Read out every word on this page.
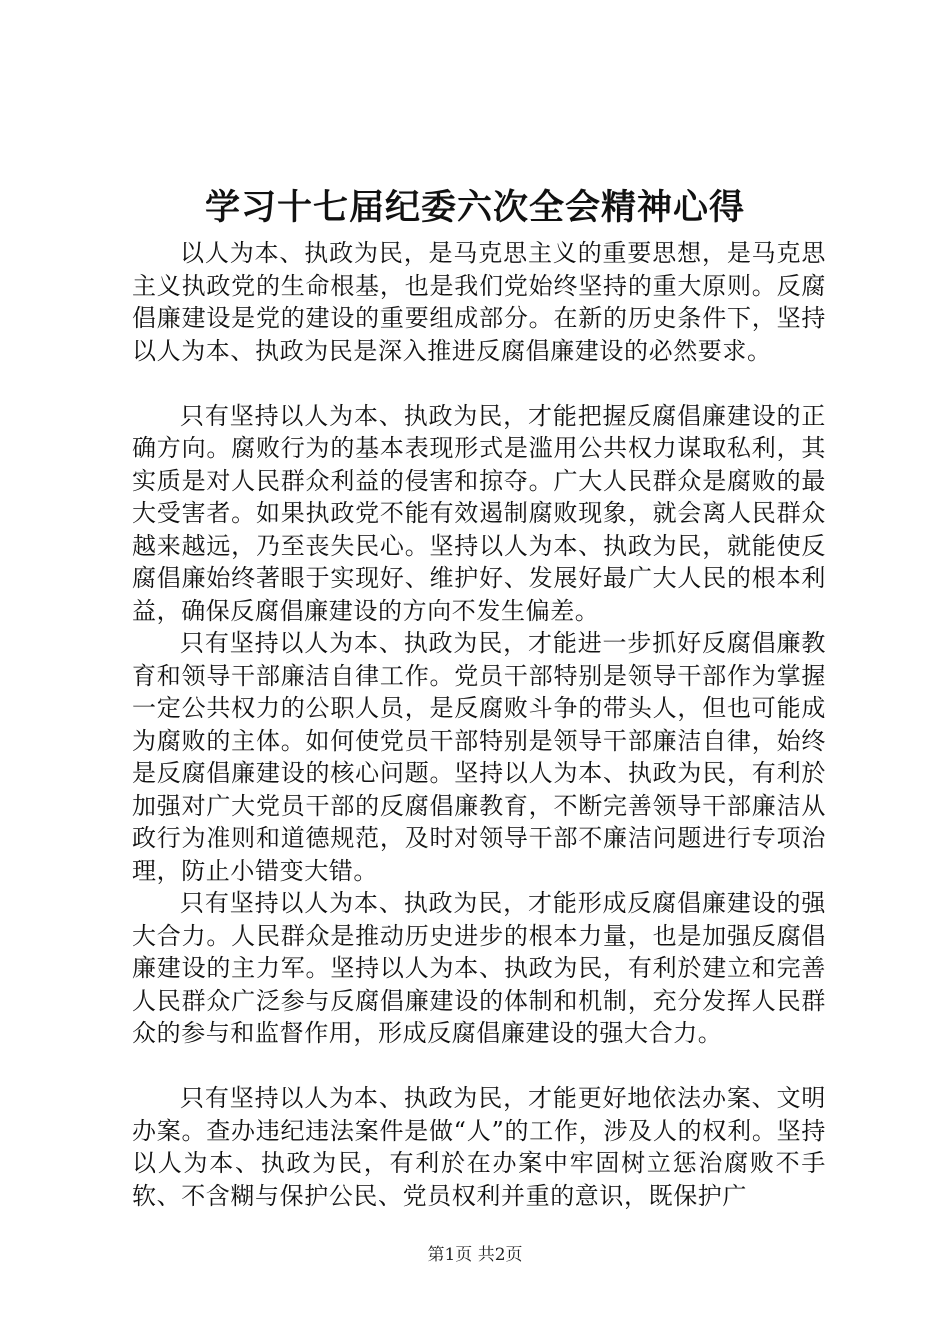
学习十七届纪委六次全会精神心得

以人为本、执政为民，是马克思主义的重要思想，是马克思主义执政党的生命根基，也是我们党始终坚持的重大原则。反腐倡廉建设是党的建设的重要组成部分。在新的历史条件下，坚持以人为本、执政为民是深入推进反腐倡廉建设的必然要求。

只有坚持以人为本、执政为民，才能把握反腐倡廉建设的正确方向。腐败行为的基本表现形式是滥用公共权力谋取私利，其实质是对人民群众利益的侵害和掠夺。广大人民群众是腐败的最大受害者。如果执政党不能有效遏制腐败现象，就会离人民群众越来越远，乃至丧失民心。坚持以人为本、执政为民，就能使反腐倡廉始终著眼于实现好、维护好、发展好最广大人民的根本利益，确保反腐倡廉建设的方向不发生偏差。

只有坚持以人为本、执政为民，才能进一步抓好反腐倡廉教育和领导干部廉洁自律工作。党员干部特别是领导干部作为掌握一定公共权力的公职人员，是反腐败斗争的带头人，但也可能成为腐败的主体。如何使党员干部特别是领导干部廉洁自律，始终是反腐倡廉建设的核心问题。坚持以人为本、执政为民，有利於加强对广大党员干部的反腐倡廉教育，不断完善领导干部廉洁从政行为准则和道德规范，及时对领导干部不廉洁问题进行专项治理，防止小错变大错。

只有坚持以人为本、执政为民，才能形成反腐倡廉建设的强大合力。人民群众是推动历史进步的根本力量，也是加强反腐倡廉建设的主力军。坚持以人为本、执政为民，有利於建立和完善人民群众广泛参与反腐倡廉建设的体制和机制，充分发挥人民群众的参与和监督作用，形成反腐倡廉建设的强大合力。

只有坚持以人为本、执政为民，才能更好地依法办案、文明办案。查办违纪违法案件是做“人”的工作，涉及人的权利。坚持以人为本、执政为民，有利於在办案中牢固树立惩治腐败不手软、不含糊与保护公民、党员权利并重的意识，既保护广

第1页 共2页
